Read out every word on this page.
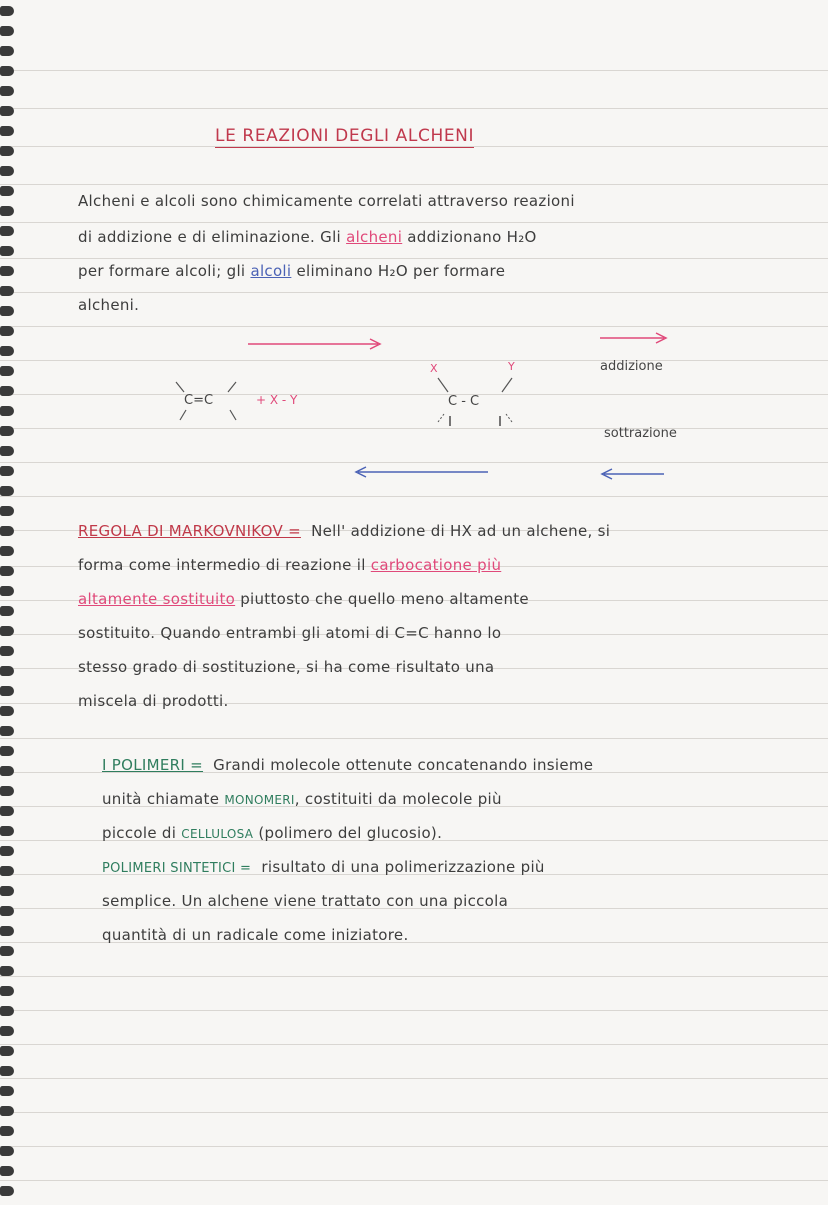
LE REAZIONI DEGLI ALCHENI
Alcheni e alcoli sono chimicamente correlati attraverso reazioni
di addizione e di eliminazione. Gli alcheni addizionano H₂O
per formare alcoli; gli alcoli eliminano H₂O per formare
alcheni.
C=C	+ X - Y
X	Y
C - C
addizione
sottrazione
REGOLA DI MARKOVNIKOV = Nell' addizione di HX ad un alchene, si
forma come intermedio di reazione il carbocatione più
altamente sostituito piuttosto che quello meno altamente
sostituito. Quando entrambi gli atomi di C=C hanno lo
stesso grado di sostituzione, si ha come risultato una
miscela di prodotti.
I POLIMERI = Grandi molecole ottenute concatenando insieme
unità chiamate MONOMERI, costituiti da molecole più
piccole di CELLULOSA (polimero del glucosio).
POLIMERI SINTETICI = risultato di una polimerizzazione più
semplice. Un alchene viene trattato con una piccola
quantità di un radicale come iniziatore.
